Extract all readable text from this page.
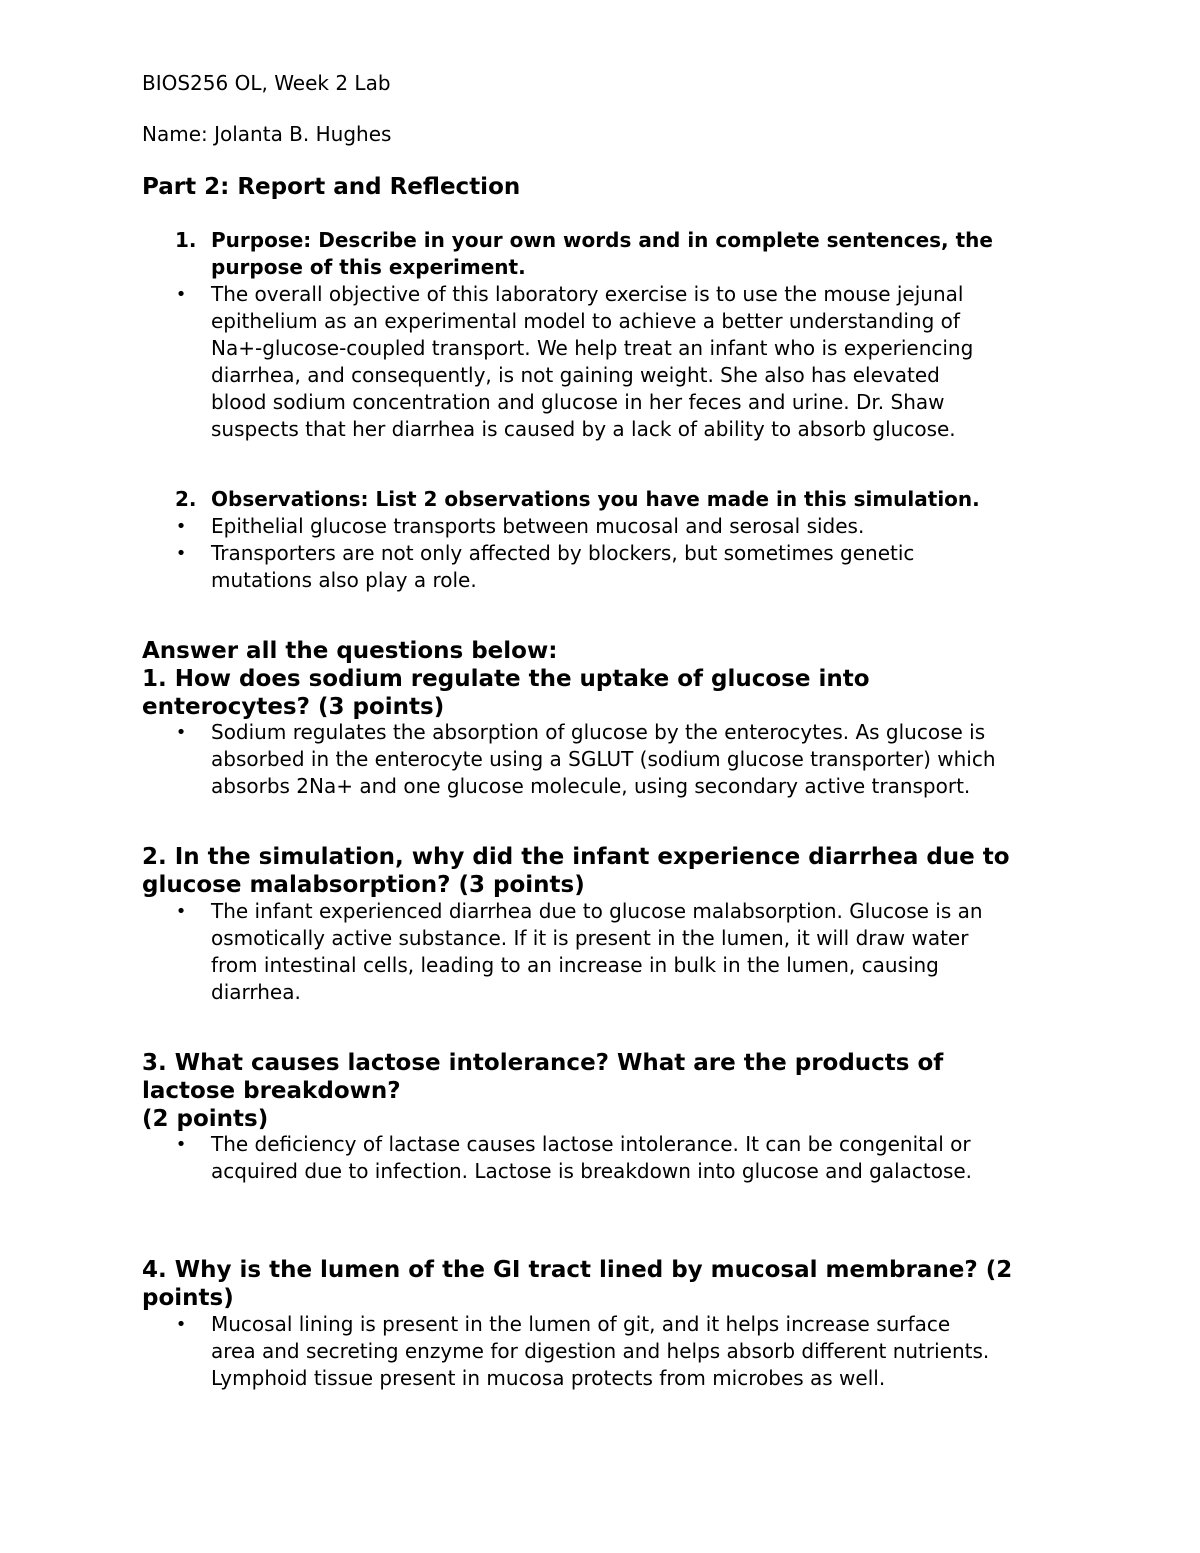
BIOS256 OL, Week 2 Lab

Name: Jolanta B. Hughes

Part 2: Report and Reflection

1. Purpose: Describe in your own words and in complete sentences, the
purpose of this experiment.
• The overall objective of this laboratory exercise is to use the mouse jejunal
epithelium as an experimental model to achieve a better understanding of
Na+-glucose-coupled transport. We help treat an infant who is experiencing
diarrhea, and consequently, is not gaining weight. She also has elevated
blood sodium concentration and glucose in her feces and urine. Dr. Shaw
suspects that her diarrhea is caused by a lack of ability to absorb glucose.
2. Observations: List 2 observations you have made in this simulation.
• Epithelial glucose transports between mucosal and serosal sides.
• Transporters are not only affected by blockers, but sometimes genetic
mutations also play a role.
Answer all the questions below:
1. How does sodium regulate the uptake of glucose into
enterocytes? (3 points)
• Sodium regulates the absorption of glucose by the enterocytes. As glucose is
absorbed in the enterocyte using a SGLUT (sodium glucose transporter) which
absorbs 2Na+ and one glucose molecule, using secondary active transport.
2. In the simulation, why did the infant experience diarrhea due to
glucose malabsorption? (3 points)
• The infant experienced diarrhea due to glucose malabsorption. Glucose is an
osmotically active substance. If it is present in the lumen, it will draw water
from intestinal cells, leading to an increase in bulk in the lumen, causing
diarrhea.
3. What causes lactose intolerance? What are the products of
lactose breakdown?
(2 points)
• The deficiency of lactase causes lactose intolerance. It can be congenital or
acquired due to infection. Lactose is breakdown into glucose and galactose.
4. Why is the lumen of the GI tract lined by mucosal membrane? (2
points)
• Mucosal lining is present in the lumen of git, and it helps increase surface
area and secreting enzyme for digestion and helps absorb different nutrients.
Lymphoid tissue present in mucosa protects from microbes as well.
